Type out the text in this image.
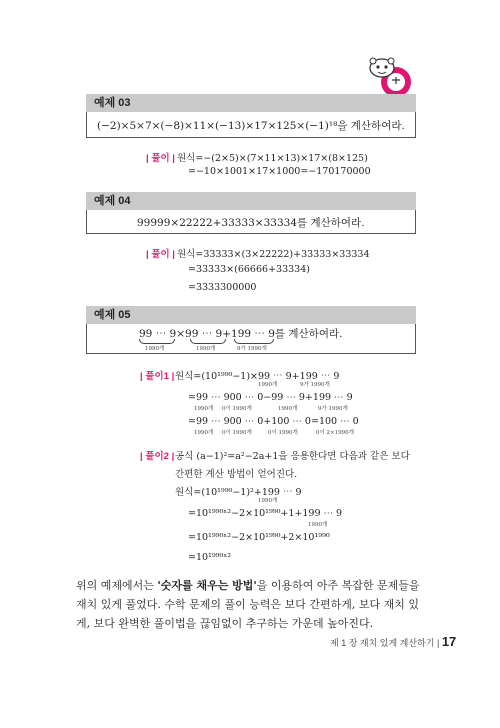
예제 03
(−2)×5×7×(−8)×11×(−13)×17×125×(−1)¹⁸을 계산하여라.
| 풀이 | 원식=−(2×5)×(7×11×13)×17×(8×125)
=−10×1001×17×1000=−170170000
예제 04
99999×22222+33333×33334를 계산하여라.
| 풀이 | 원식=33333×(3×22222)+33333×33334
=33333×(66666+33334)
=3333300000
예제 05
99 ⋯ 9×99 ⋯ 9+199 ⋯ 9를 계산하여라.
1990개	1990개	9가 1990개
| 풀이1 | 원식=(10¹⁹⁹⁰−1)×99 ⋯ 9+199 ⋯ 9
1990개	9가 1990개
=99 ⋯ 900 ⋯ 0−99 ⋯ 9+199 ⋯ 9
1990개 0이 1990개	1990개	9가 1990개
=99 ⋯ 900 ⋯ 0+100 ⋯ 0=100 ⋯ 0
1990개 0이 1990개	0이 1990개	0이 2×1990개
| 풀이2 | 공식 (a−1)²=a²−2a+1을 응용한다면 다음과 같은 보다
간편한 계산 방법이 얻어진다.
원식=(10¹⁹⁹⁰−1)²+199 ⋯ 9
1990개
=10¹⁹⁹⁰ˣ²−2×10¹⁹⁹⁰+1+199 ⋯ 9
1990개
=10¹⁹⁹⁰ˣ²−2×10¹⁹⁹⁰+2×10¹⁹⁹⁰
=10¹⁹⁹⁰ˣ²
위의 예제에서는 '숫자를 채우는 방법'을 이용하여 아주 복잡한 문제들을 재치 있게 풀었다. 수학 문제의 풀이 능력은 보다 간편하게, 보다 재치 있게, 보다 완벽한 풀이법을 끊임없이 추구하는 가운데 높아진다.
제 1 장 재치 있게 계산하기 | 17
